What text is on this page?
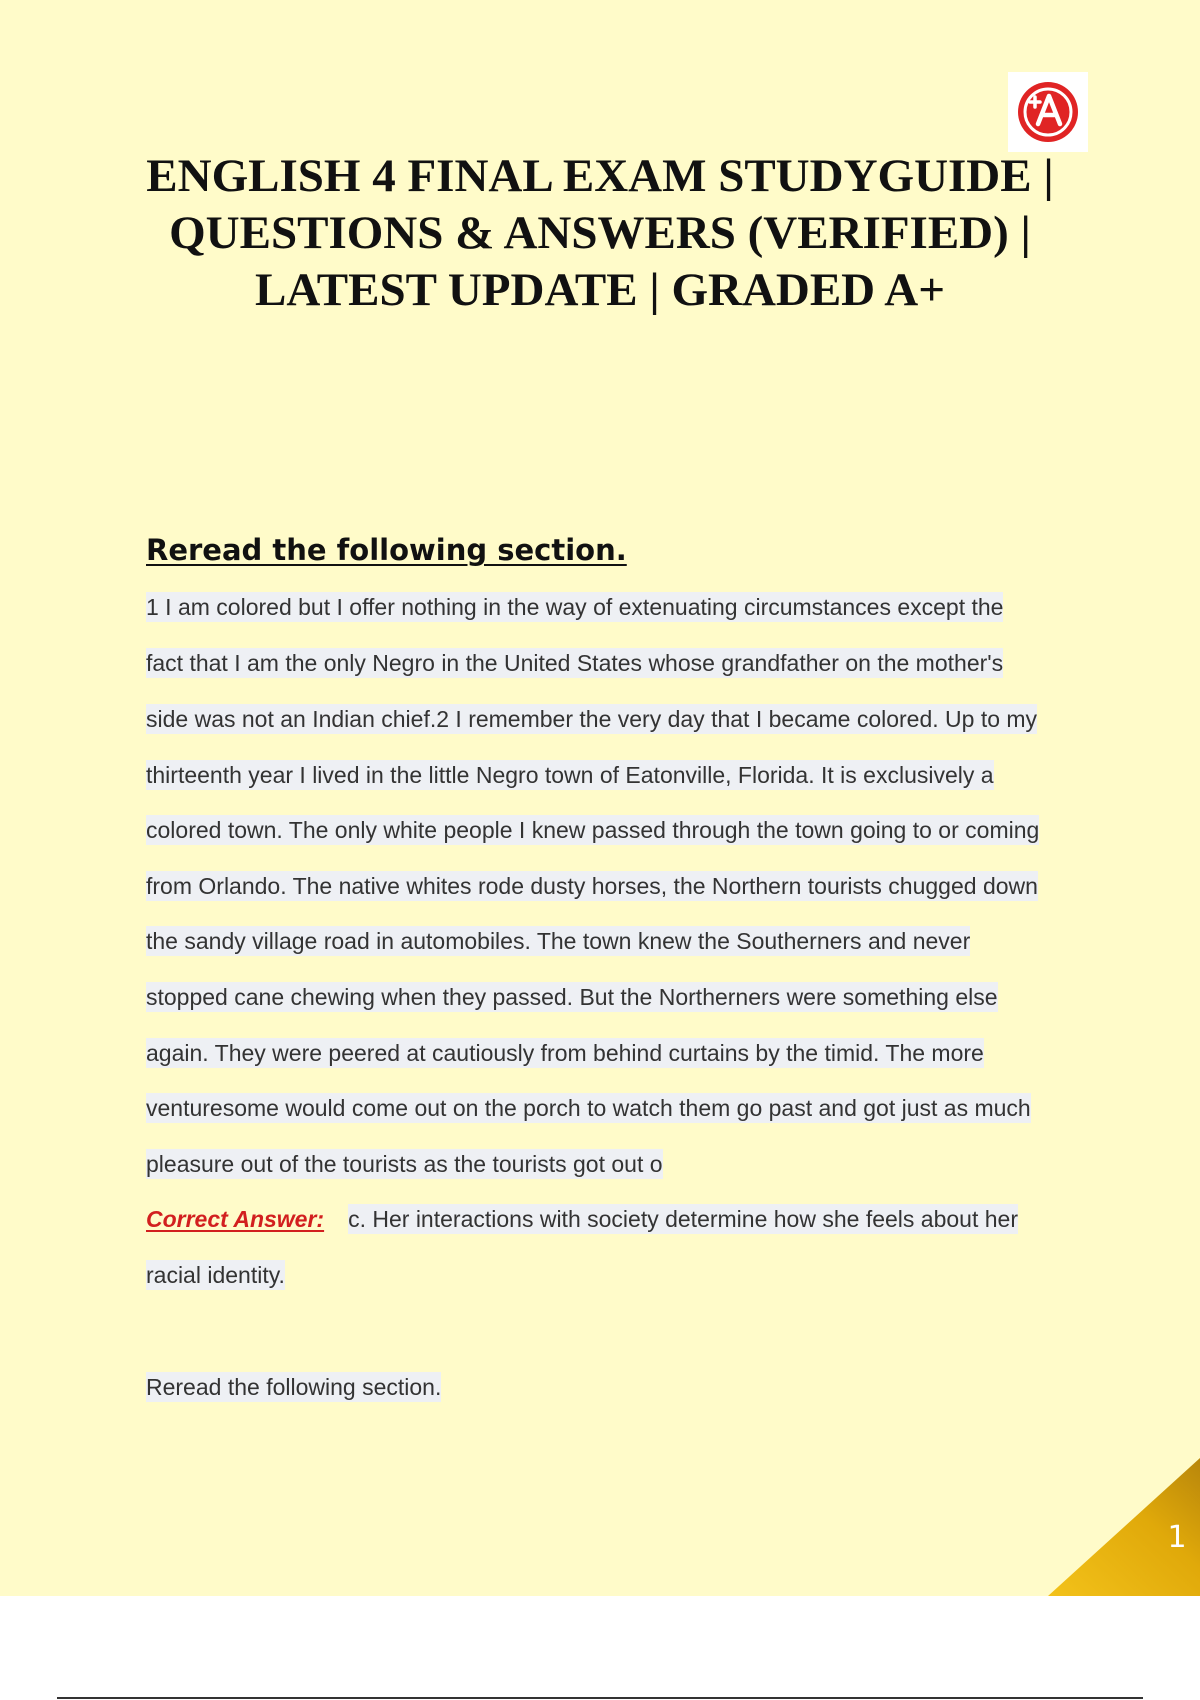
ENGLISH 4 FINAL EXAM STUDYGUIDE |
QUESTIONS & ANSWERS (VERIFIED) |
LATEST UPDATE | GRADED A+
Reread the following section.
1 I am colored but I offer nothing in the way of extenuating circumstances except the
fact that I am the only Negro in the United States whose grandfather on the mother's
side was not an Indian chief.2 I remember the very day that I became colored. Up to my
thirteenth year I lived in the little Negro town of Eatonville, Florida. It is exclusively a
colored town. The only white people I knew passed through the town going to or coming
from Orlando. The native whites rode dusty horses, the Northern tourists chugged down
the sandy village road in automobiles. The town knew the Southerners and never
stopped cane chewing when they passed. But the Northerners were something else
again. They were peered at cautiously from behind curtains by the timid. The more
venturesome would come out on the porch to watch them go past and got just as much
pleasure out of the tourists as the tourists got out o
Correct Answer: c. Her interactions with society determine how she feels about her
racial identity.
Reread the following section.
1
